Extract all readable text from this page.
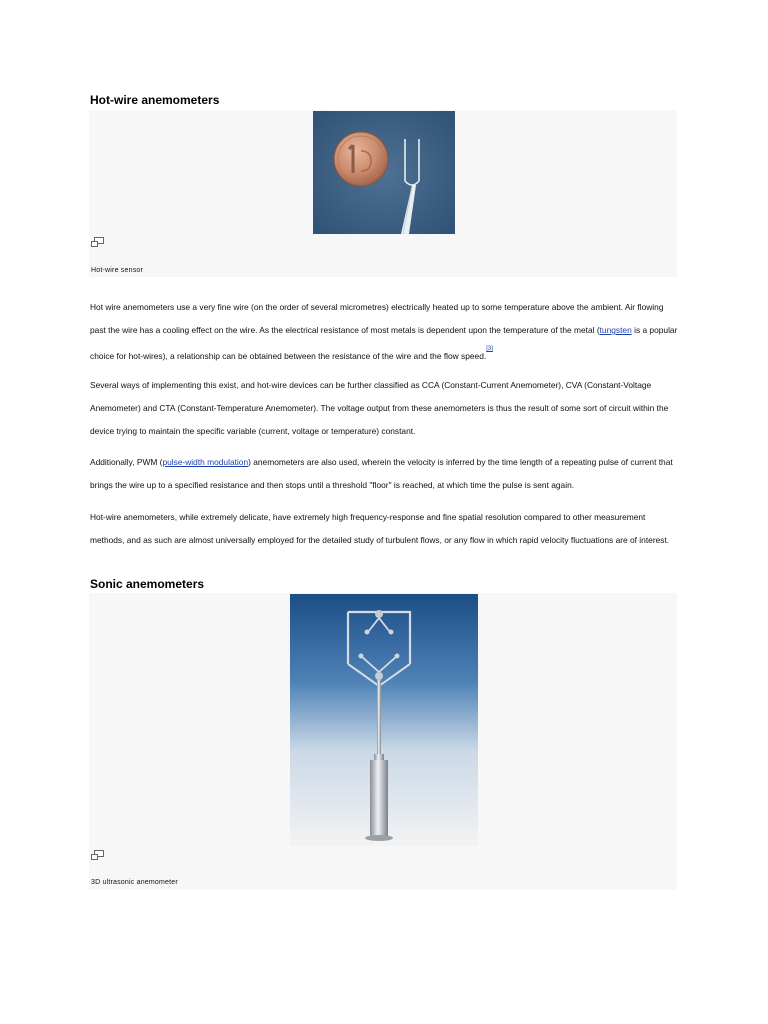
Hot-wire anemometers
Hot-wire sensor

Hot wire anemometers use a very fine wire (on the order of several micrometres) electrically heated up to some temperature above the ambient. Air flowing past the wire has a cooling effect on the wire. As the electrical resistance of most metals is dependent upon the temperature of the metal (tungsten is a popular choice for hot-wires), a relationship can be obtained between the resistance of the wire and the flow speed.[3]

Several ways of implementing this exist, and hot-wire devices can be further classified as CCA (Constant-Current Anemometer), CVA (Constant-Voltage Anemometer) and CTA (Constant-Temperature Anemometer). The voltage output from these anemometers is thus the result of some sort of circuit within the device trying to maintain the specific variable (current, voltage or temperature) constant.

Additionally, PWM (pulse-width modulation) anemometers are also used, wherein the velocity is inferred by the time length of a repeating pulse of current that brings the wire up to a specified resistance and then stops until a threshold "floor" is reached, at which time the pulse is sent again.

Hot-wire anemometers, while extremely delicate, have extremely high frequency-response and fine spatial resolution compared to other measurement methods, and as such are almost universally employed for the detailed study of turbulent flows, or any flow in which rapid velocity fluctuations are of interest.

Sonic anemometers
3D ultrasonic anemometer
